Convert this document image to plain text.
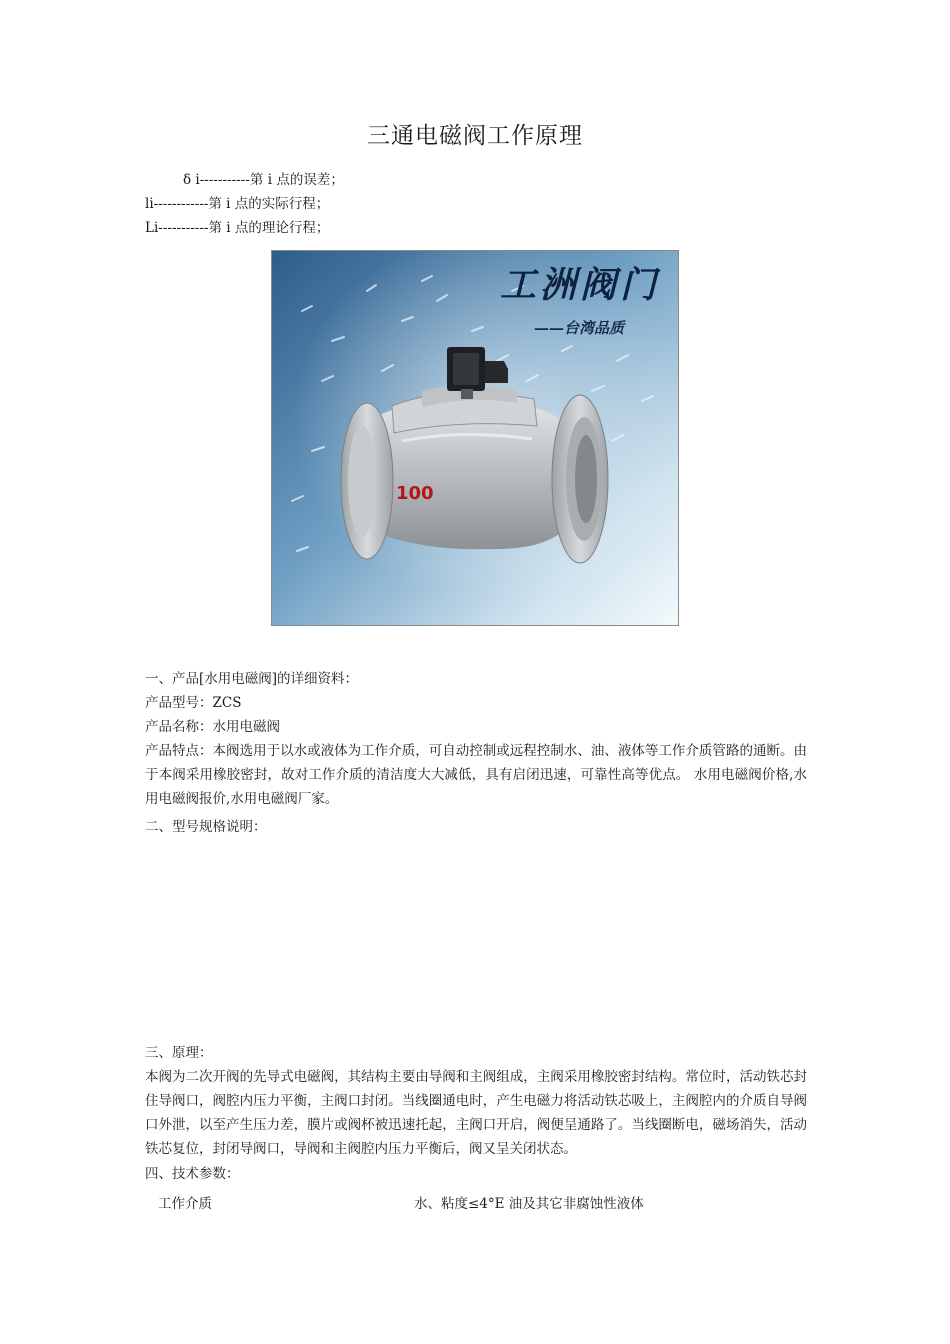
三通电磁阀工作原理
δ i-----------第 i 点的误差；
li------------第 i 点的实际行程；
Li-----------第 i 点的理论行程；
工洲阀门
——台湾品质
100
一、产品[水用电磁阀]的详细资料：
产品型号：ZCS
产品名称：水用电磁阀
产品特点：本阀选用于以水或液体为工作介质，可自动控制或远程控制水、油、液体等工作介质管路的通断。由于本阀采用橡胶密封，故对工作介质的清洁度大大减低，具有启闭迅速，可靠性高等优点。 水用电磁阀价格,水用电磁阀报价,水用电磁阀厂家。
二、型号规格说明：
三、原理：
本阀为二次开阀的先导式电磁阀，其结构主要由导阀和主阀组成，主阀采用橡胶密封结构。常位时，活动铁芯封住导阀口，阀腔内压力平衡，主阀口封闭。当线圈通电时，产生电磁力将活动铁芯吸上，主阀腔内的介质自导阀口外泄，以至产生压力差，膜片或阀杯被迅速托起，主阀口开启，阀便呈通路了。当线圈断电，磁场消失，活动铁芯复位，封闭导阀口，导阀和主阀腔内压力平衡后，阀又呈关闭状态。
四、技术参数：
工作介质	水、粘度≤4°E 油及其它非腐蚀性液体
